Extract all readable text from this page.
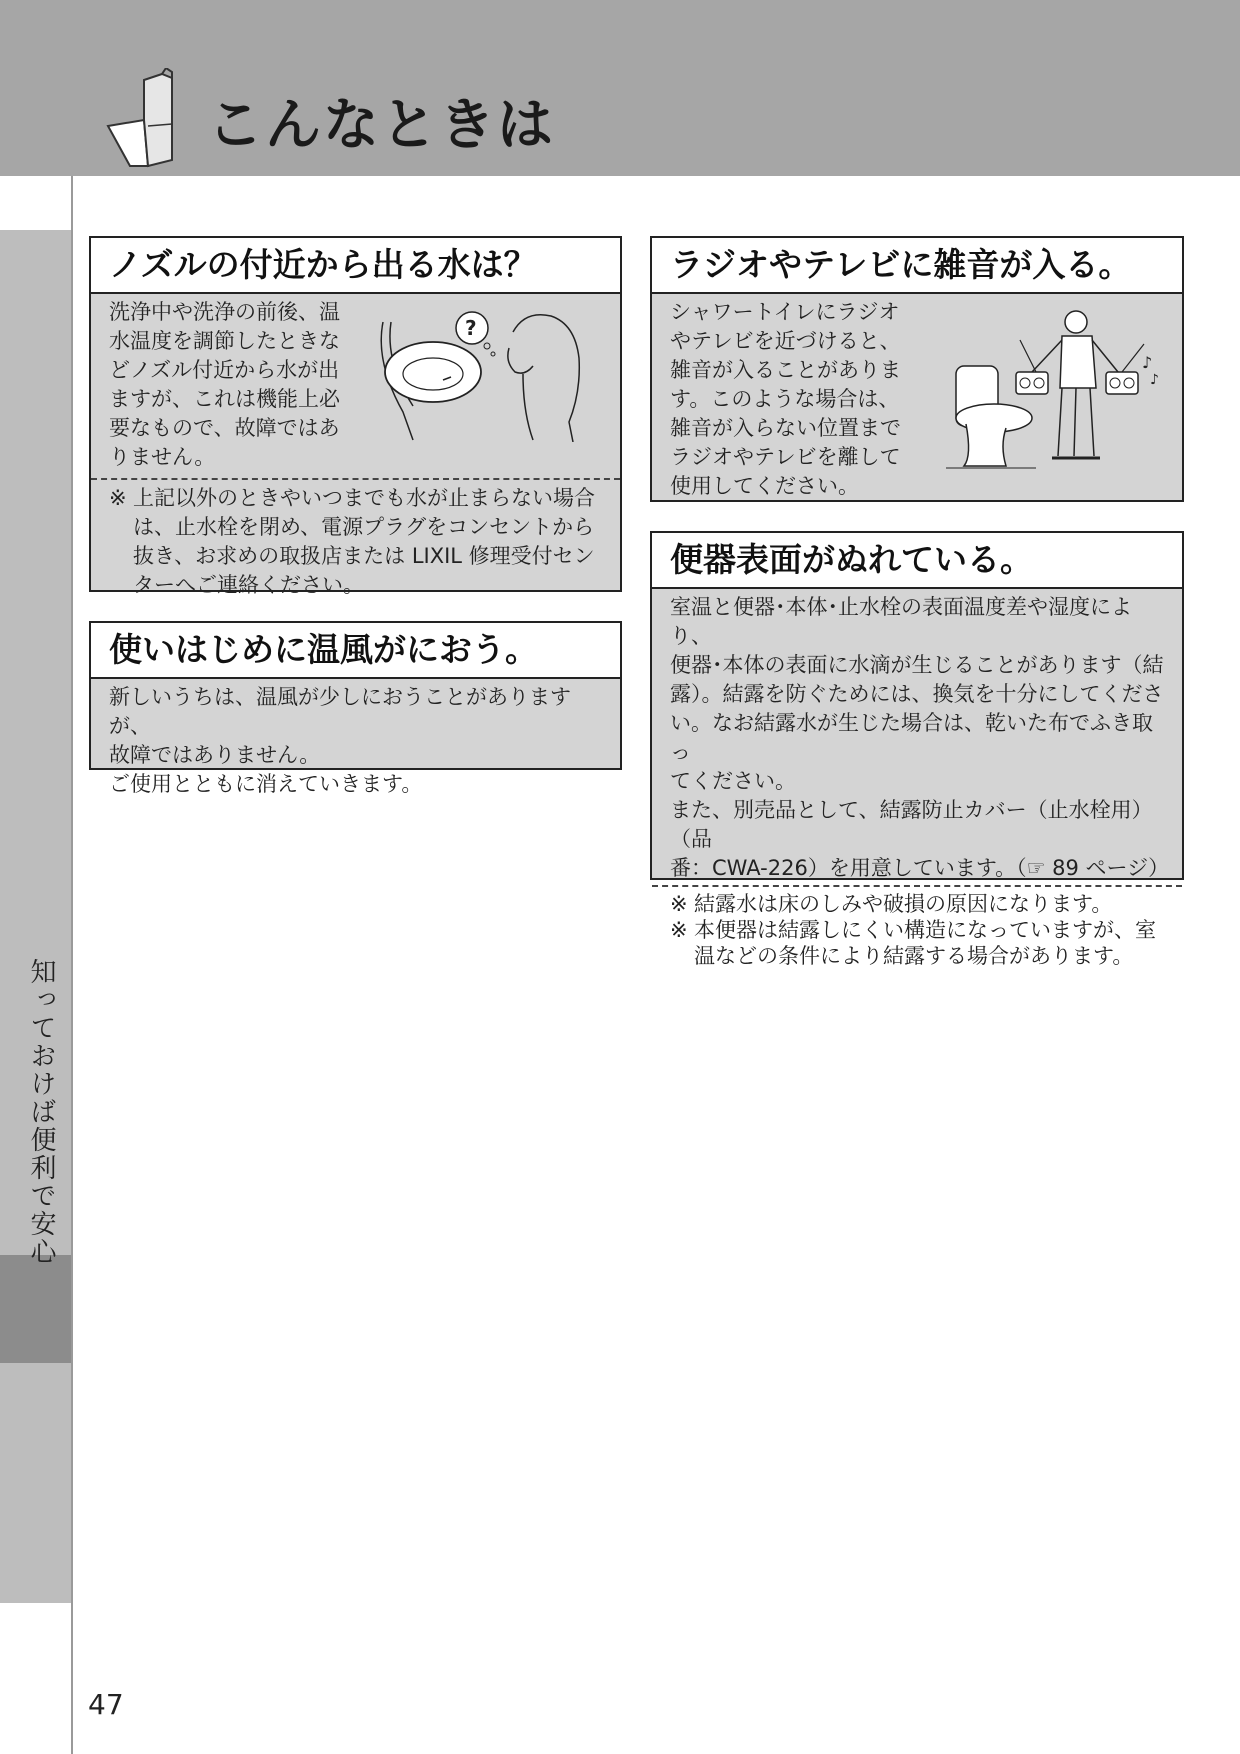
こんなときは
知っておけば便利で安心
47
ノズルの付近から出る水は？

洗浄中や洗浄の前後、温

水温度を調節したときな

どノズル付近から水が出

ますが、これは機能上必

要なもので、故障ではあ

りません。

※ 上記以外のときやいつまでも水が止まらない場合は、止水栓を閉め、電源プラグをコンセントから抜き、お求めの取扱店または LIXIL 修理受付センターへご連絡ください。
?
使いはじめに温風がにおう。

新しいうちは、温風が少しにおうことがありますが、

故障ではありません。

ご使用とともに消えていきます。

ラジオやテレビに雑音が入る。

シャワートイレにラジオ

やテレビを近づけると、

雑音が入ることがありま

す。このような場合は、

雑音が入らない位置まで

ラジオやテレビを離して

使用してください。

♪
♪
便器表面がぬれている。

室温と便器･本体･止水栓の表面温度差や湿度により、

便器･本体の表面に水滴が生じることがあります（結

露）。結露を防ぐためには、換気を十分にしてくださ

い。なお結露水が生じた場合は、乾いた布でふき取っ

てください。

また、別売品として、結露防止カバー（止水栓用）（品

番：CWA-226）を用意しています。（☞ 89 ページ）

※ 結露水は床のしみや破損の原因になります。
※ 本便器は結露しにくい構造になっていますが、室温などの条件により結露する場合があります。
